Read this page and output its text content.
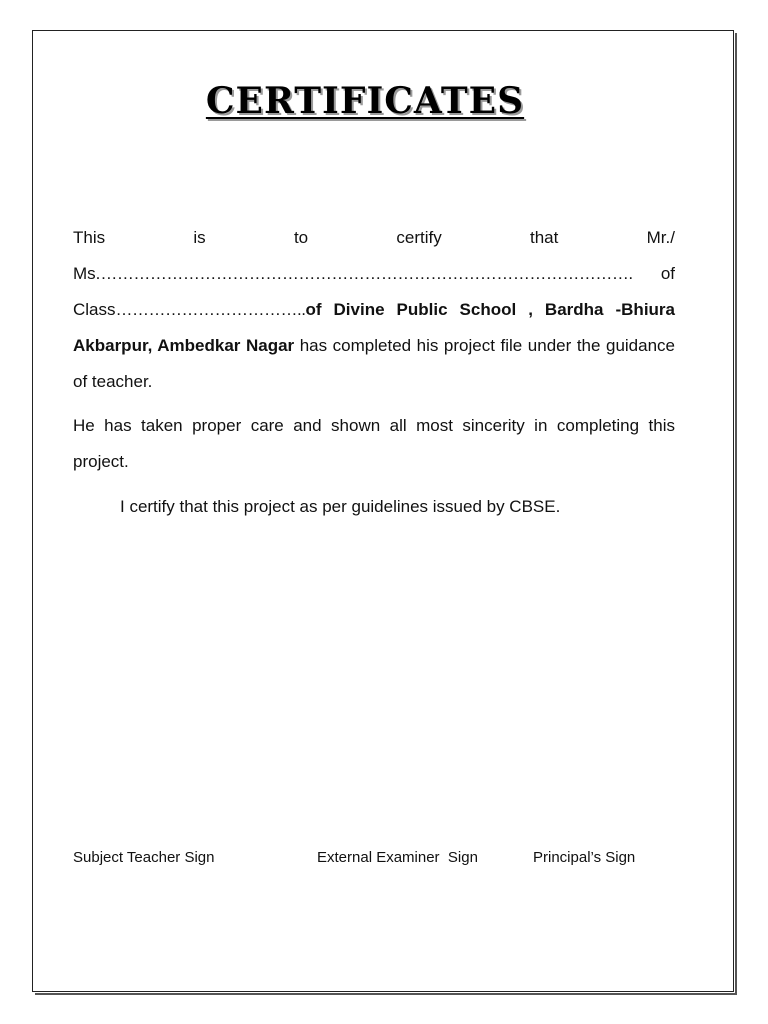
CERTIFICATES
This	is	to	certify	that	Mr./
Ms.……………………………………………………………………………………. of
Class……………………………..of Divine Public School , Bardha -Bhiura Akbarpur, Ambedkar Nagar has completed his project file under the guidance of teacher.
He has taken proper care and shown all most sincerity in completing this project.
I certify that this project as per guidelines issued by CBSE.
Subject Teacher Sign	External Examiner  Sign	Principal’s Sign
